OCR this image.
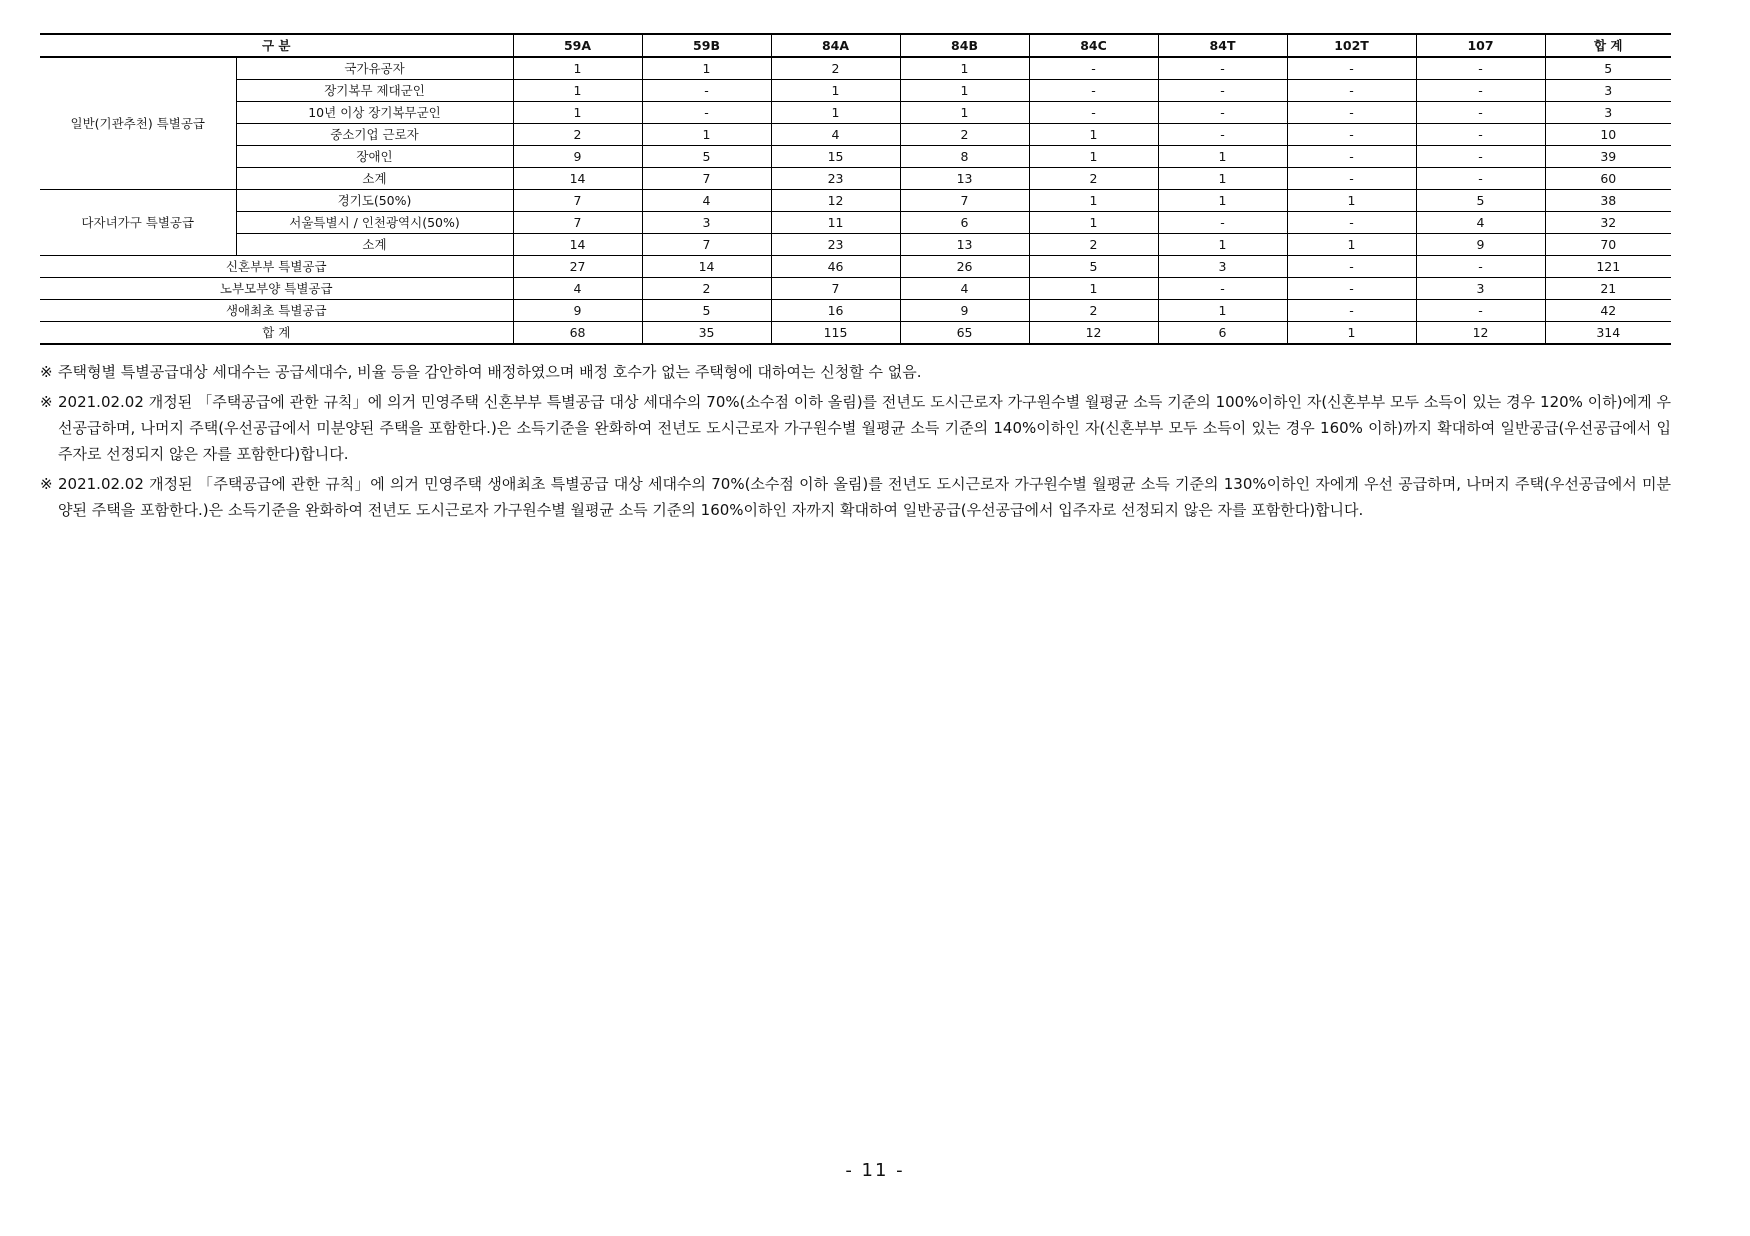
구 분		59A	59B	84A	84B	84C	84T	102T	107	합 계
일반(기관추천) 특별공급	국가유공자	1	1	2	1	-	-	-	-	5
	장기복무 제대군인	1	-	1	1	-	-	-	-	3
	10년 이상 장기복무군인	1	-	1	1	-	-	-	-	3
	중소기업 근로자	2	1	4	2	1	-	-	-	10
	장애인	9	5	15	8	1	1	-	-	39
	소계	14	7	23	13	2	1	-	-	60
다자녀가구 특별공급	경기도(50%)	7	4	12	7	1	1	1	5	38
	서울특별시 / 인천광역시(50%)	7	3	11	6	1	-	-	4	32
	소계	14	7	23	13	2	1	1	9	70
신혼부부 특별공급		27	14	46	26	5	3	-	-	121
노부모부양 특별공급		4	2	7	4	1	-	-	3	21
생애최초 특별공급		9	5	16	9	2	1	-	-	42
합 계		68	35	115	65	12	6	1	12	314
※ 주택형별 특별공급대상 세대수는 공급세대수, 비율 등을 감안하여 배정하였으며 배정 호수가 없는 주택형에 대하여는 신청할 수 없음.
※ 2021.02.02 개정된 「주택공급에 관한 규칙」에 의거 민영주택 신혼부부 특별공급 대상 세대수의 70%(소수점 이하 올림)를 전년도 도시근로자 가구원수별 월평균 소득 기준의 100%이하인 자(신혼부부 모두 소득이 있는 경우 120% 이하)에게 우선공급하며, 나머지 주택(우선공급에서 미분양된 주택을 포함한다.)은 소득기준을 완화하여 전년도 도시근로자 가구원수별 월평균 소득 기준의 140%이하인 자(신혼부부 모두 소득이 있는 경우 160% 이하)까지 확대하여 일반공급(우선공급에서 입주자로 선정되지 않은 자를 포함한다)합니다.
※ 2021.02.02 개정된 「주택공급에 관한 규칙」에 의거 민영주택 생애최초 특별공급 대상 세대수의 70%(소수점 이하 올림)를 전년도 도시근로자 가구원수별 월평균 소득 기준의 130%이하인 자에게 우선 공급하며, 나머지 주택(우선공급에서 미분양된 주택을 포함한다.)은 소득기준을 완화하여 전년도 도시근로자 가구원수별 월평균 소득 기준의 160%이하인 자까지 확대하여 일반공급(우선공급에서 입주자로 선정되지 않은 자를 포함한다)합니다.
- 11 -
